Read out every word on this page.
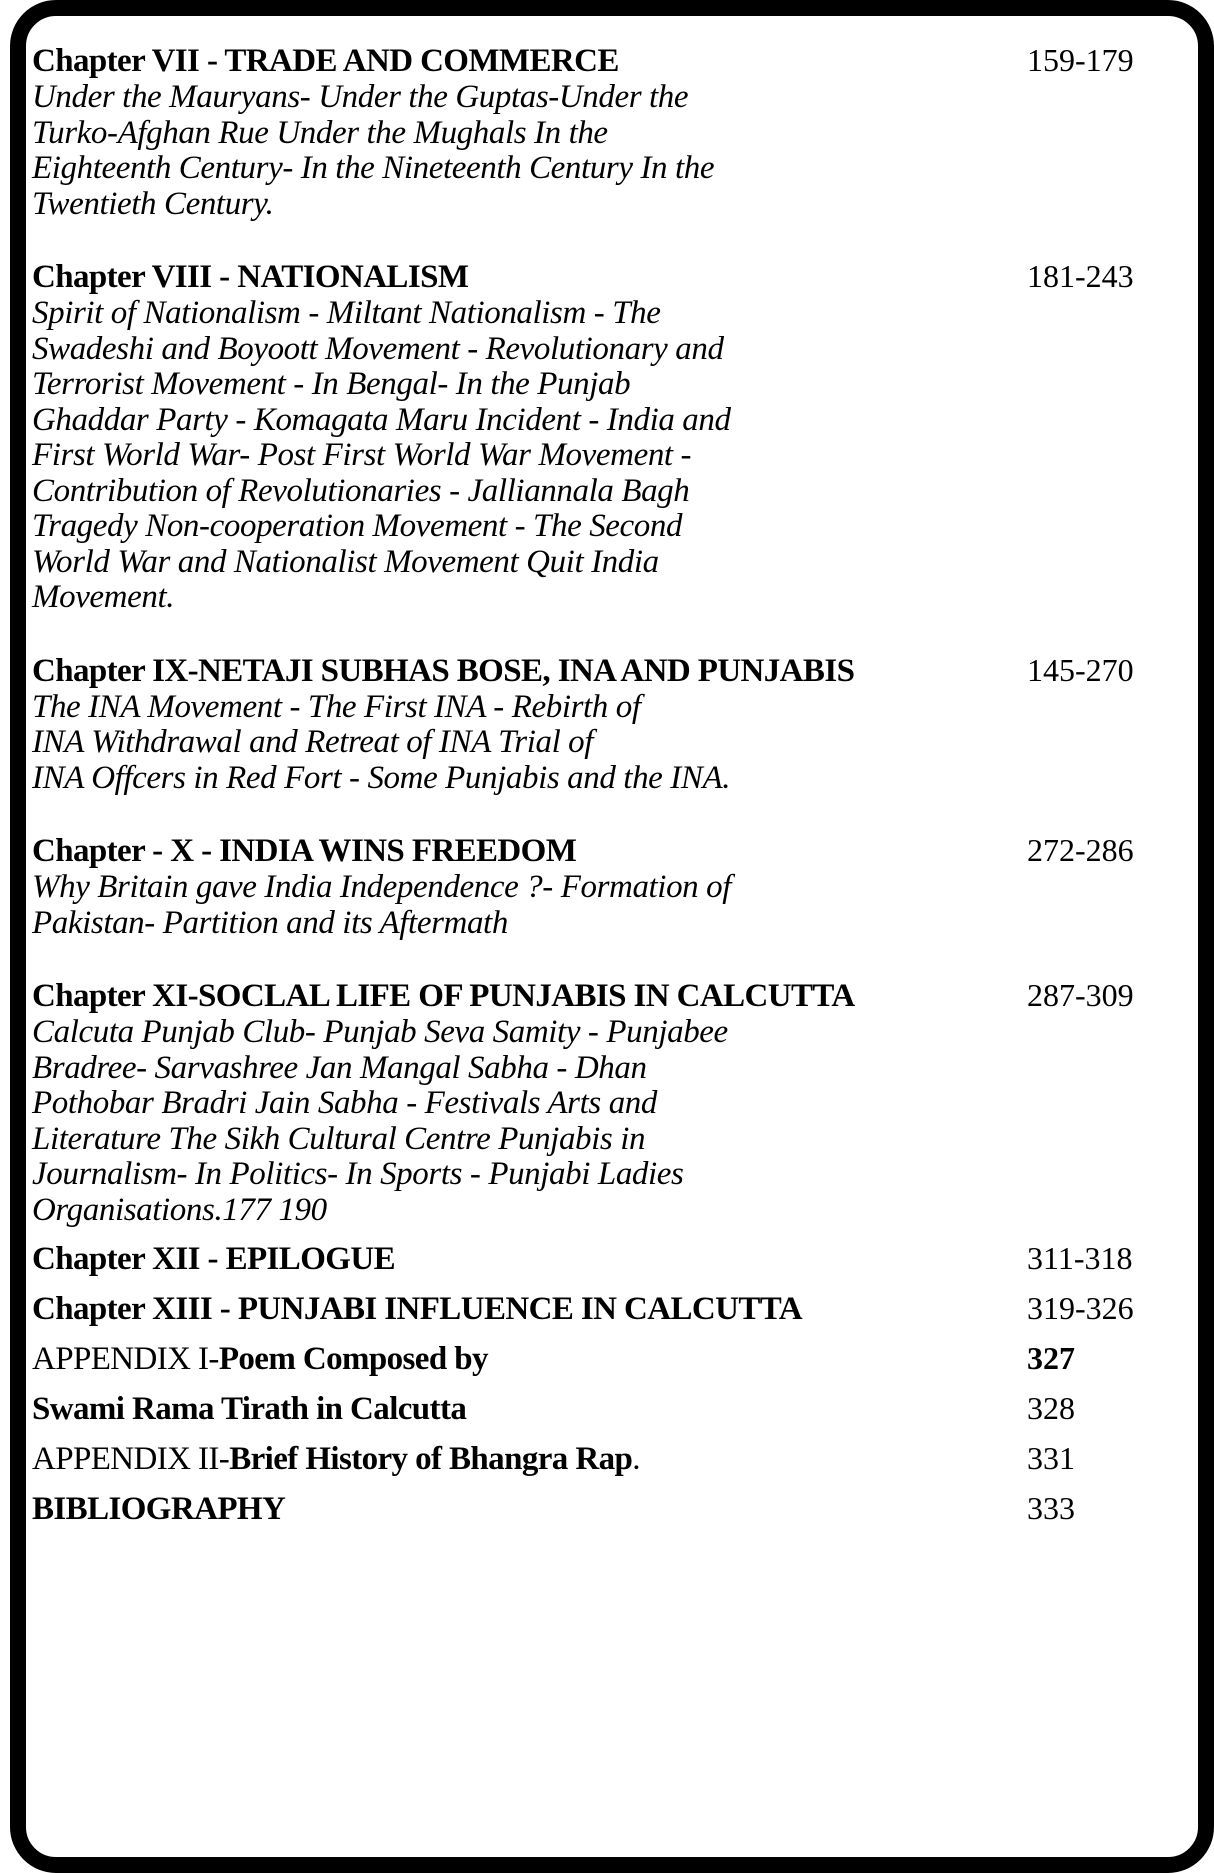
Chapter VII - TRADE AND COMMERCE	159-179
Under the Mauryans- Under the Guptas-Under the
Turko-Afghan Rue Under the Mughals In the
Eighteenth Century- In the Nineteenth Century In the
Twentieth Century.
Chapter VIII - NATIONALISM	181-243
Spirit of Nationalism - Miltant Nationalism - The
Swadeshi and Boyoott Movement - Revolutionary and
Terrorist Movement - In Bengal- In the Punjab
Ghaddar Party - Komagata Maru Incident - India and
First World War- Post First World War Movement -
Contribution of Revolutionaries - Jalliannala Bagh
Tragedy Non-cooperation Movement - The Second
World War and Nationalist Movement Quit India
Movement.
Chapter IX-NETAJI SUBHAS BOSE, INA AND PUNJABIS	145-270
The INA Movement - The First INA - Rebirth of
INA Withdrawal and Retreat of INA Trial of
INA Offcers in Red Fort - Some Punjabis and the INA.
Chapter - X - INDIA WINS FREEDOM	272-286
Why Britain gave India Independence ?- Formation of
Pakistan- Partition and its Aftermath
Chapter XI-SOCLAL LIFE OF PUNJABIS IN CALCUTTA	287-309
Calcuta Punjab Club- Punjab Seva Samity - Punjabee
Bradree- Sarvashree Jan Mangal Sabha - Dhan
Pothobar Bradri Jain Sabha - Festivals Arts and
Literature The Sikh Cultural Centre Punjabis in
Journalism- In Politics- In Sports - Punjabi Ladies
Organisations.177 190
Chapter XII - EPILOGUE	311-318
Chapter XIII - PUNJABI INFLUENCE IN CALCUTTA	319-326
APPENDIX I-Poem Composed by	327
Swami Rama Tirath in Calcutta	328
APPENDIX II-Brief History of Bhangra Rap.	331
BIBLIOGRAPHY	333
